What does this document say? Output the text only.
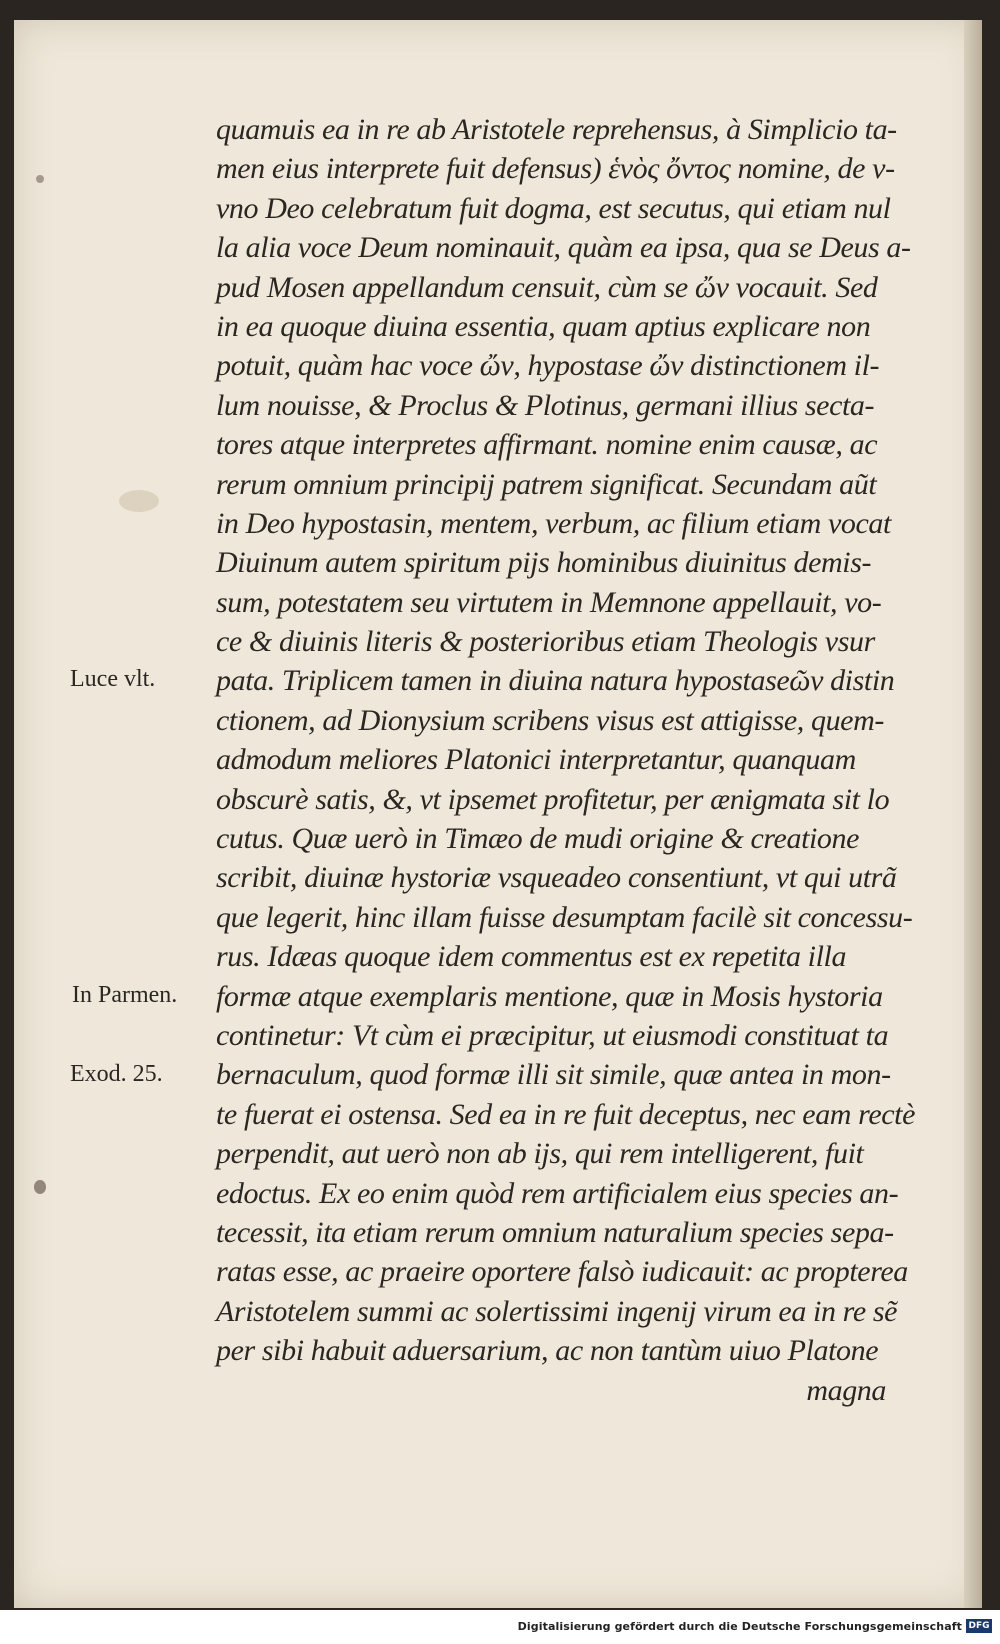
quamuis ea in re ab Aristotele reprehensus, à Simplicio ta-
men eius interprete fuit defensus) ἑνὸς ὄντος nomine, de v-
vno Deo celebratum fuit dogma, est secutus, qui etiam nul
la alia voce Deum nominauit, quàm ea ipsa, qua se Deus a-
pud Mosen appellandum censuit, cùm se ὤν vocauit. Sed
in ea quoque diuina essentia, quam aptius explicare non
potuit, quàm hac voce ὤν, hypostase ὤν distinctionem il-
lum nouisse, & Proclus & Plotinus, germani illius secta-
tores atque interpretes affirmant. nomine enim causæ, ac
rerum omnium principij patrem significat. Secundam aũt
in Deo hypostasin, mentem, verbum, ac filium etiam vocat
Diuinum autem spiritum pijs hominibus diuinitus demis-
sum, potestatem seu virtutem in Memnone appellauit, vo-
ce & diuinis literis & posterioribus etiam Theologis vsur
pata. Triplicem tamen in diuina natura hypostaseῶν distin
ctionem, ad Dionysium scribens visus est attigisse, quem-
admodum meliores Platonici interpretantur, quanquam
obscurè satis, &, vt ipsemet profitetur, per ænigmata sit lo
cutus. Quæ uerò in Timæo de mudi origine & creatione
scribit, diuinæ hystoriæ vsqueadeo consentiunt, vt qui utrã
que legerit, hinc illam fuisse desumptam facilè sit concessu-
rus. Idæas quoque idem commentus est ex repetita illa
formæ atque exemplaris mentione, quæ in Mosis hystoria
continetur: Vt cùm ei præcipitur, ut eiusmodi constituat ta
bernaculum, quod formæ illi sit simile, quæ antea in mon-
te fuerat ei ostensa. Sed ea in re fuit deceptus, nec eam rectè
perpendit, aut uerò non ab ijs, qui rem intelligerent, fuit
edoctus. Ex eo enim quòd rem artificialem eius species an-
tecessit, ita etiam rerum omnium naturalium species sepa-
ratas esse, ac praeire oportere falsò iudicauit: ac propterea
Aristotelem summi ac solertissimi ingenij virum ea in re sẽ
per sibi habuit aduersarium, ac non tantùm uiuo Platone
magna
Luce vlt.
In Parmen.
Exod. 25.
Digitalisierung gefördert durch die Deutsche Forschungsgemeinschaft DFG
